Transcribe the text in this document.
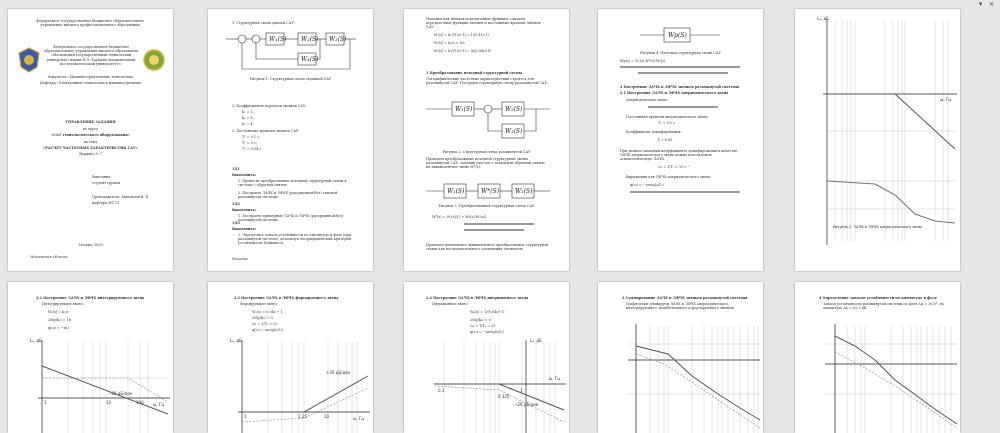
▾ ×
Федеральное государственное бюджетное образовательное учреждение высшего профессионального образования
Федеральное государственное бюджетное образовательное учреждение высшего образования «Московский государственный технический университет имени Н.Э. Баумана (национальный исследовательский университет)»
Факультет «Машиностроительные технологии»
Кафедра «Электронные технологии в машиностроении»
УПРАВЛЕНИЕ ЗАДАНИЯ
по курсу
«САУ технологического оборудования»
на тему
«РАСЧЕТ ЧАСТОТНЫХ ХАРАКТЕРИСТИК САУ»
Вариант № 7
Выполнил:
студент группы
Преподаватель: Михайлов В. П.
кафедра МТ-11
Москва, 2020
Московская область
1. Структурная схема данной САУ:
W₁(S) W₂(S) W₃(S)
W₄(S)
Рисунок 1. Структурная схема заданной САУ
2. Коэффициенты передачи звеньев САУ:
k₁ = 1;
k₂ = 8;
k₃ = 4.
3. Постоянные времени звеньев САУ:
T¹ = 0,1 с;
T² = 0 с;
T³ = 0,04 с.
ЗД1
Выполнить:
1. Провести преобразование исходной структурной схемы к системе с обратной связью.
2. Построить ЛАЧХ и ЛФЧХ (разорванной/без) типовой разомкнутой системы.
ЗД2
Выполнить:
1. Построить примерные ЛАЧХ и ЛФЧХ (разорванной/без) разомкнутой системы.
ЗД3
Выполнить:
1. Определить запасы устойчивости по амплитуде и фазе (при разомкнутой системе), используя логарифмический критерий устойчивости Найквиста.
Решение
Находим для звеньев передаточные функции, считаем передаточные функции звеньев и постоянные времени звеньев САУ:
W₁(s) = k₁/(T₁s+1) = 1/(0,1s+1)
W₂(s) = k₂/s = 8/s
W₃(s) = k₃/(T₃s+1) = 4/(0,04s+1)
1 Преобразование исходной структурной схемы
Логарифмические частотные характеристики строятся для разомкнутой САУ. Построим структурную схему разомкнутой САУ:
W₁(S)	W₂(S)
W₃(S)
Рисунок 2. Структурная схема разомкнутой САУ
Проведем преобразование исходной структурной схемы разомкнутой САУ, заменив участок с локальной обратной связью на эквивалентное звено W*(s):
W₁(S)	W*(S)	W₃(S)
Рисунок 3. Преобразованная структурная схема САУ
W*(s) = W₂(s)/(1 + W₂(s)·W₃(s))
Проведем дальнейшее эквивалентное преобразование структурной схемы для последовательного соединения элементов:
Wр(S)
Рисунок 4. Итоговая структурная схема САУ
Wр(s) = W₁(s)·W*(s)·W₃(s)
2 Построение ЛАЧХ и ЛФЧХ звеньев разомкнутой системы
2.1 Построение ЛАЧХ и ЛФЧХ апериодического звена
Апериодическое звено:
Постоянная времени апериодического звена:
T₁ = 0,1 с
Коэффициент демпфирования:
ξ = 0,65
При данном значении коэффициента демпфирования в качестве ЛАЧХ апериодического звена можно использовать асимптотическую ЛАЧХ.
ω₁ = 1/T₁ = 10 c⁻¹
Выражения для ЛФЧХ апериодического звена:
φ(ω) = −arctg(ωT₁)
Lₐ, дБ
ω, Гц
Рисунок 5. ЛАЧХ и ЛФЧХ апериодического звена
2.2 Построение ЛАЧХ и ЛФЧХ интегрирующего звена
Интегрирующее звено:
W₂(s) = k₂/s
20lg(k₂) = 18
φ(ω) = −π/2
Lₐ, дБ
ω, Гц
−20 дБ/дек
1	10	100
2.3 Построение ЛАЧХ и ЛФЧХ форсирующего звена
Форсирующее звено:
W₃(s) = 0,04s + 1
20lg(k₃) = 0
ω₃ = 1/T₃ = 25
φ(ω) = arctg(ωT₃)
Lₐ, дБ
ω, Гц
+20 дБ/дек
1	1,25	10
2.4 Построение ЛАЧХ и ЛФЧХ инерционного звена
Инерционное звено:
W₄(s) = 1/(0,04s+1)
20lg(k₄) = 0
ω₄ = 1/T₄ = 25
φ(ω) = −arctg(ωT₄)
Lₐ, дБ
ω, Гц
−20 дБ/дек
0,1
0,125
1
3 Суммирование ЛАЧХ и ЛФЧХ звеньев разомкнутой системы
Графически суммируем ЛАЧХ и ЛФЧХ апериодического, интегрирующего, колебательного и форсирующего звеньев:
4 Определение запасов устойчивости по амплитуде и фазе
Запасы устойчивости разомкнутой системы по фазе Δφ = 36,5°, по амплитуде ΔL = 62,3 дБ.
